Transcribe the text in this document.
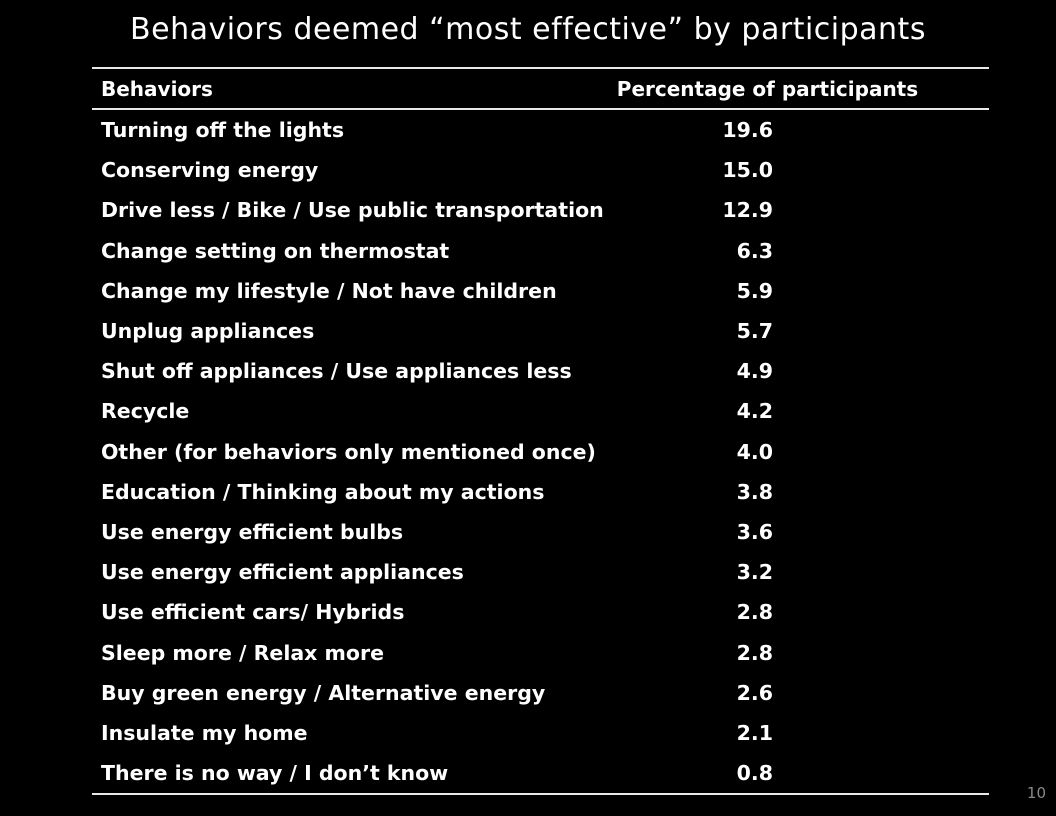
Behaviors deemed “most effective” by participants
Behaviors	Percentage of participants

Turning off the lights	19.6
Conserving energy	15.0
Drive less / Bike / Use public transportation	12.9
Change setting on thermostat	6.3
Change my lifestyle / Not have children	5.9
Unplug appliances	5.7
Shut off appliances / Use appliances less	4.9
Recycle	4.2
Other (for behaviors only mentioned once)	4.0
Education / Thinking about my actions	3.8
Use energy efficient bulbs	3.6
Use energy efficient appliances	3.2
Use efficient cars/ Hybrids	2.8
Sleep more / Relax more	2.8
Buy green energy / Alternative energy	2.6
Insulate my home	2.1
There is no way / I don’t know	0.8
10
